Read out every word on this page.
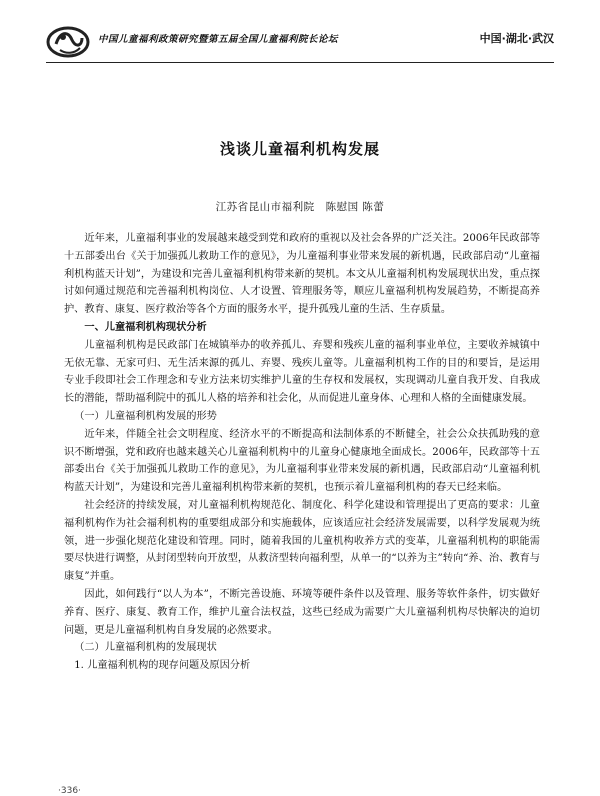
中国儿童福利政策研究暨第五届全国儿童福利院长论坛	中国·湖北·武汉
浅谈儿童福利机构发展
江苏省昆山市福利院　陈慰国 陈蕾

近年来，儿童福利事业的发展越来越受到党和政府的重视以及社会各界的广泛关注。2006年民政部等十五部委出台《关于加强孤儿救助工作的意见》，为儿童福利事业带来发展的新机遇，民政部启动“儿童福利机构蓝天计划”，为建设和完善儿童福利机构带来新的契机。本文从儿童福利机构发展现状出发，重点探讨如何通过规范和完善福利机构岗位、人才设置、管理服务等，顺应儿童福利机构发展趋势，不断提高养护、教育、康复、医疗救治等各个方面的服务水平，提升孤残儿童的生活、生存质量。

一、儿童福利机构现状分析

儿童福利机构是民政部门在城镇举办的收养孤儿、弃婴和残疾儿童的福利事业单位，主要收养城镇中无依无靠、无家可归、无生活来源的孤儿、弃婴、残疾儿童等。儿童福利机构工作的目的和要旨，是运用专业手段即社会工作理念和专业方法来切实维护儿童的生存权和发展权，实现调动儿童自我开发、自我成长的潜能，帮助福利院中的孤儿人格的培养和社会化，从而促进儿童身体、心理和人格的全面健康发展。

（一）儿童福利机构发展的形势

近年来，伴随全社会文明程度、经济水平的不断提高和法制体系的不断健全，社会公众扶孤助残的意识不断增强，党和政府也越来越关心儿童福利机构中的儿童身心健康地全面成长。2006年，民政部等十五部委出台《关于加强孤儿救助工作的意见》，为儿童福利事业带来发展的新机遇，民政部启动“儿童福利机构蓝天计划”，为建设和完善儿童福利机构带来新的契机，也预示着儿童福利机构的春天已经来临。

社会经济的持续发展，对儿童福利机构规范化、制度化、科学化建设和管理提出了更高的要求：儿童福利机构作为社会福利机构的重要组成部分和实施载体，应该适应社会经济发展需要，以科学发展观为统领，进一步强化规范化建设和管理。同时，随着我国的儿童机构收养方式的变革，儿童福利机构的职能需要尽快进行调整，从封闭型转向开放型，从救济型转向福利型，从单一的“以养为主”转向“养、治、教育与康复”并重。

因此，如何践行“以人为本”，不断完善设施、环境等硬件条件以及管理、服务等软件条件，切实做好养育、医疗、康复、教育工作，维护儿童合法权益，这些已经成为需要广大儿童福利机构尽快解决的迫切问题，更是儿童福利机构自身发展的必然要求。

（二）儿童福利机构的发展现状

1. 儿童福利机构的现存问题及原因分析

·336·
